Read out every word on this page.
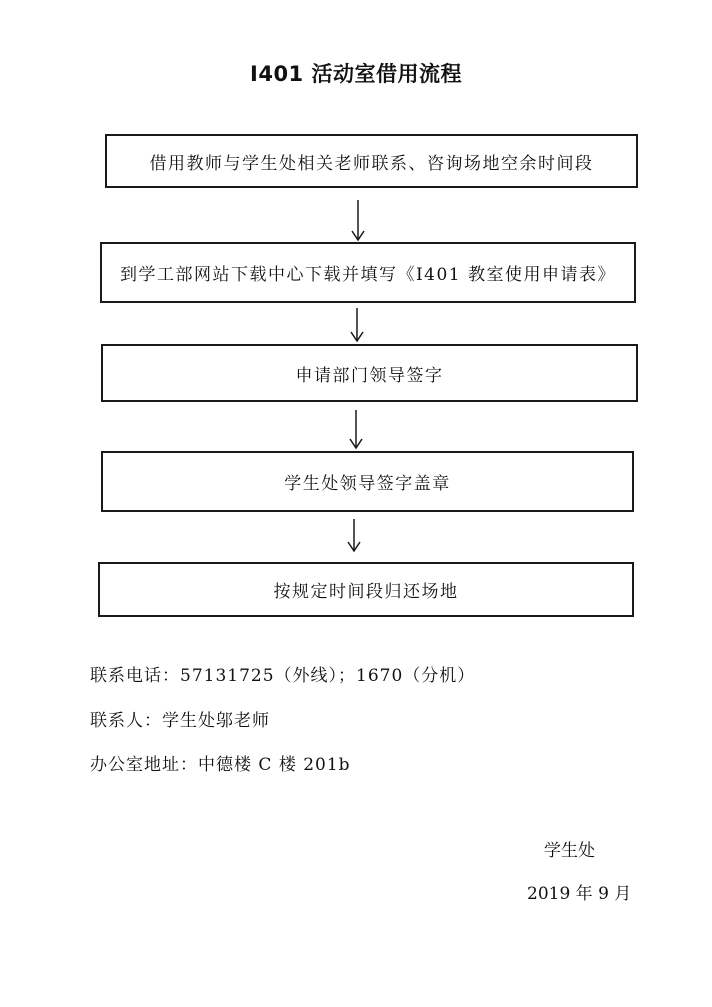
I401 活动室借用流程
借用教师与学生处相关老师联系、咨询场地空余时间段
到学工部网站下载中心下载并填写《I401 教室使用申请表》
申请部门领导签字
学生处领导签字盖章
按规定时间段归还场地
联系电话：57131725（外线）；1670（分机）
联系人：学生处邬老师
办公室地址：中德楼 C 楼 201b
学生处
2019 年 9 月
